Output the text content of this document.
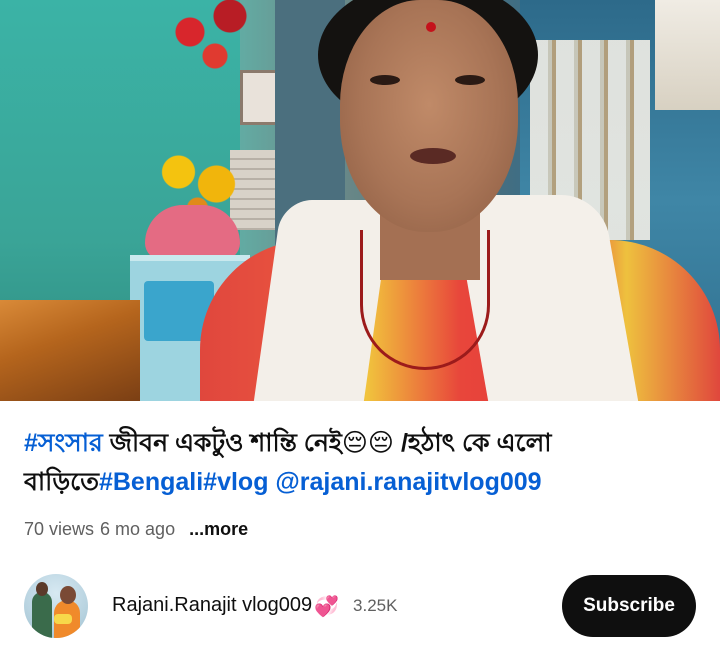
#সংসার জীবন একটুও শান্তি নেই😔😔 /হঠাৎ কে এলো বাড়িতে#Bengali#vlog @rajani.ranajitvlog009
70 views 6 mo ago ...more
Rajani.Ranajit vlog009 💞 3.25K	Subscribe
